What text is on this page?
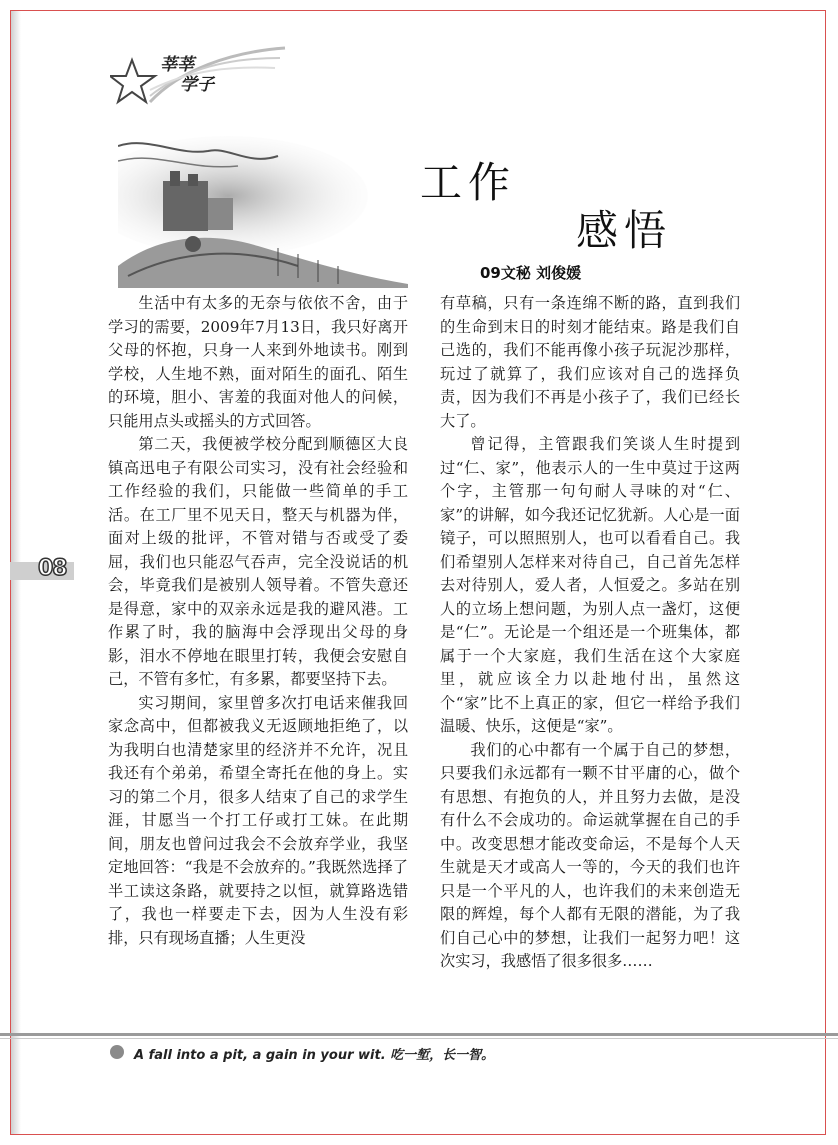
莘莘
学子
工作
感悟
09文秘 刘俊媛

生活中有太多的无奈与依依不舍，由于学习的需要，2009年7月13日，我只好离开父母的怀抱，只身一人来到外地读书。刚到学校，人生地不熟，面对陌生的面孔、陌生的环境，胆小、害羞的我面对他人的问候，只能用点头或摇头的方式回答。

第二天，我便被学校分配到顺德区大良镇高迅电子有限公司实习，没有社会经验和工作经验的我们，只能做一些简单的手工活。在工厂里不见天日，整天与机器为伴，面对上级的批评，不管对错与否或受了委屈，我们也只能忍气吞声，完全没说话的机会，毕竟我们是被别人领导着。不管失意还是得意，家中的双亲永远是我的避风港。工作累了时，我的脑海中会浮现出父母的身影，泪水不停地在眼里打转，我便会安慰自己，不管有多忙，有多累，都要坚持下去。

实习期间，家里曾多次打电话来催我回家念高中，但都被我义无返顾地拒绝了，以为我明白也清楚家里的经济并不允许，况且我还有个弟弟，希望全寄托在他的身上。实习的第二个月，很多人结束了自己的求学生涯，甘愿当一个打工仔或打工妹。在此期间，朋友也曾问过我会不会放弃学业，我坚定地回答：“我是不会放弃的。”我既然选择了半工读这条路，就要持之以恒，就算路选错了，我也一样要走下去，因为人生没有彩排，只有现场直播；人生更没

有草稿，只有一条连绵不断的路，直到我们的生命到末日的时刻才能结束。路是我们自己选的，我们不能再像小孩子玩泥沙那样，玩过了就算了，我们应该对自己的选择负责，因为我们不再是小孩子了，我们已经长大了。

曾记得，主管跟我们笑谈人生时提到过“仁、家”，他表示人的一生中莫过于这两个字，主管那一句句耐人寻味的对“仁、家”的讲解，如今我还记忆犹新。人心是一面镜子，可以照照别人，也可以看看自己。我们希望别人怎样来对待自己，自己首先怎样去对待别人，爱人者，人恒爱之。多站在别人的立场上想问题，为别人点一盏灯，这便是“仁”。无论是一个组还是一个班集体，都属于一个大家庭，我们生活在这个大家庭里，就应该全力以赴地付出，虽然这个“家”比不上真正的家，但它一样给予我们温暖、快乐，这便是“家”。

我们的心中都有一个属于自己的梦想，只要我们永远都有一颗不甘平庸的心，做个有思想、有抱负的人，并且努力去做，是没有什么不会成功的。命运就掌握在自己的手中。改变思想才能改变命运，不是每个人天生就是天才或高人一等的，今天的我们也许只是一个平凡的人，也许我们的未来创造无限的辉煌，每个人都有无限的潜能，为了我们自己心中的梦想，让我们一起努力吧！这次实习，我感悟了很多很多……

08
A fall into a pit, a gain in your wit. 吃一堑，长一智。
